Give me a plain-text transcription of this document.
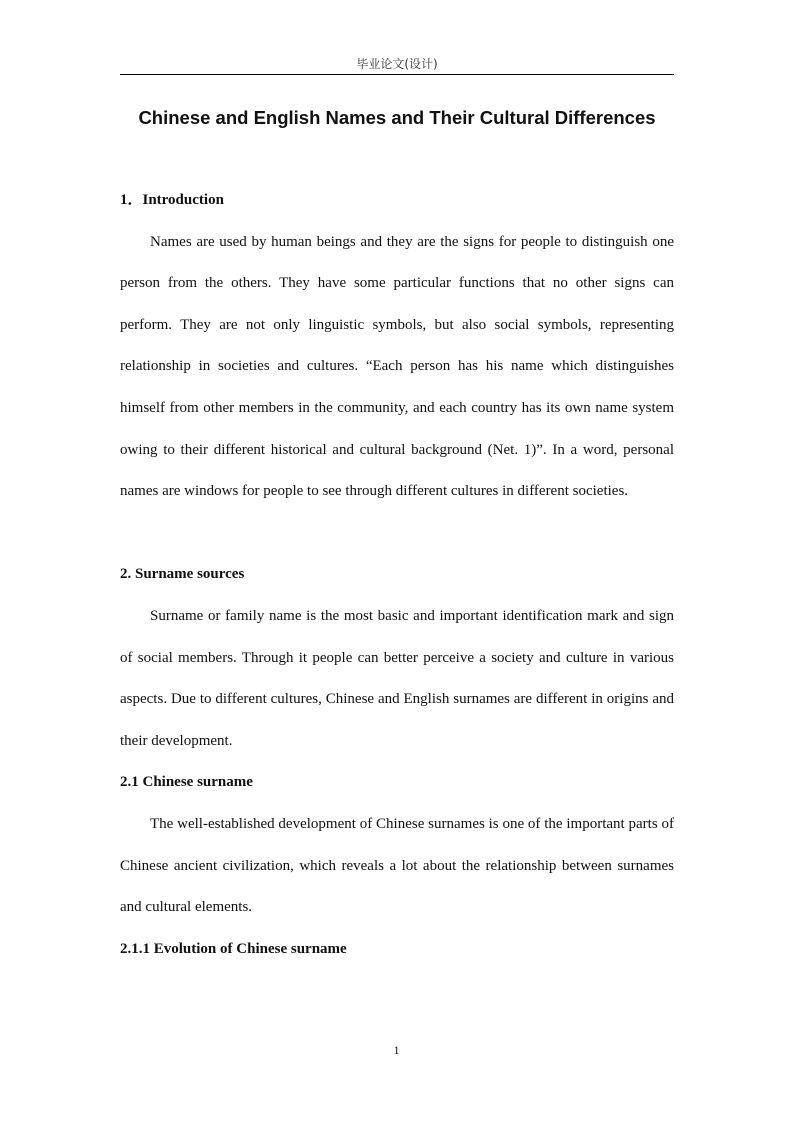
毕业论文(设计)
Chinese and English Names and Their Cultural Differences
1．Introduction

Names are used by human beings and they are the signs for people to distinguish one person from the others. They have some particular functions that no other signs can perform. They are not only linguistic symbols, but also social symbols, representing relationship in societies and cultures. “Each person has his name which distinguishes himself from other members in the community, and each country has its own name system owing to their different historical and cultural background (Net. 1)”. In a word, personal names are windows for people to see through different cultures in different societies.

2. Surname sources

Surname or family name is the most basic and important identification mark and sign of social members. Through it people can better perceive a society and culture in various aspects. Due to different cultures, Chinese and English surnames are different in origins and their development.

2.1 Chinese surname

The well-established development of Chinese surnames is one of the important parts of Chinese ancient civilization, which reveals a lot about the relationship between surnames and cultural elements.

2.1.1 Evolution of Chinese surname
1
